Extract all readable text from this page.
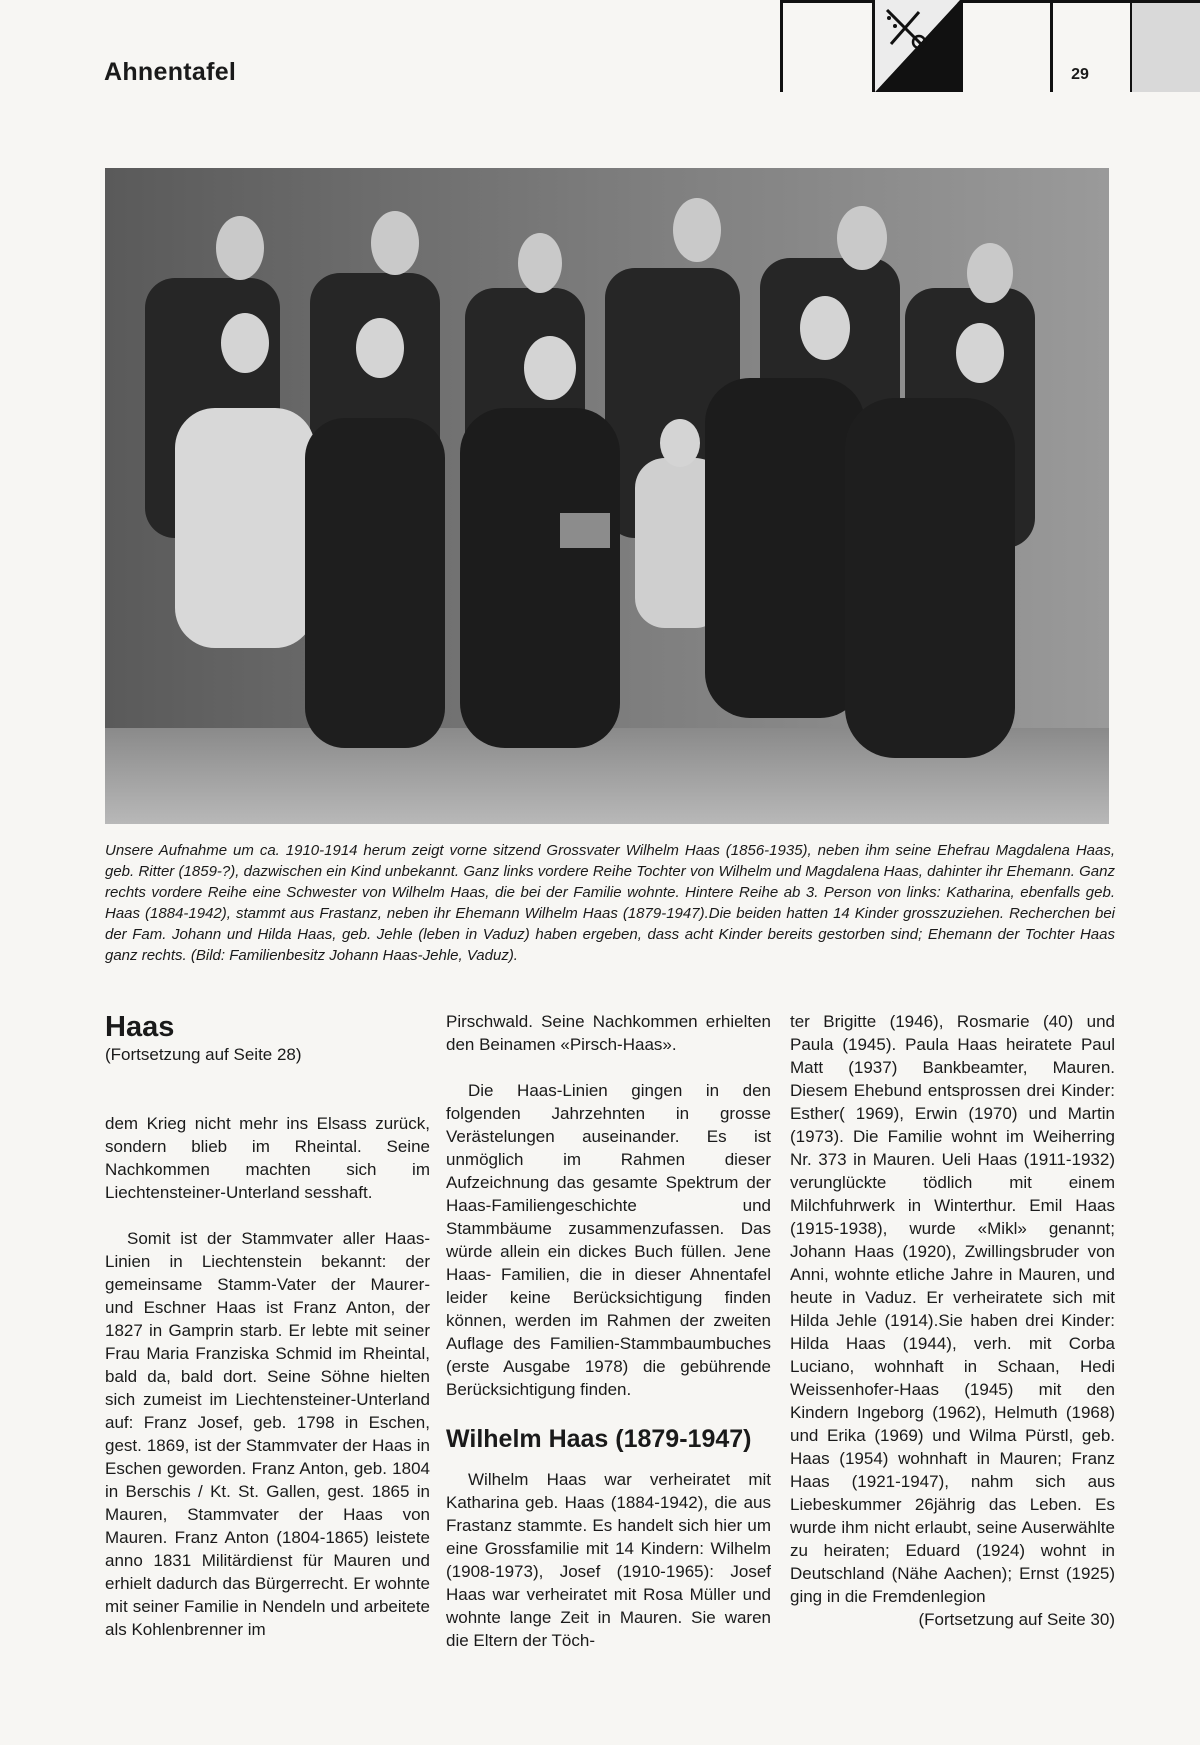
Ahnentafel	29
Unsere Aufnahme um ca. 1910-1914 herum zeigt vorne sitzend Grossvater Wilhelm Haas (1856-1935), neben ihm seine Ehefrau Magdalena Haas, geb. Ritter (1859-?), dazwischen ein Kind unbekannt. Ganz links vordere Reihe Tochter von Wilhelm und Magdalena Haas, dahinter ihr Ehemann. Ganz rechts vordere Reihe eine Schwester von Wilhelm Haas, die bei der Familie wohnte. Hintere Reihe ab 3. Person von links: Katharina, ebenfalls geb. Haas (1884-1942), stammt aus Frastanz, neben ihr Ehemann Wilhelm Haas (1879-1947).Die beiden hatten 14 Kinder grosszuziehen. Recherchen bei der Fam. Johann und Hilda Haas, geb. Jehle (leben in Vaduz) haben ergeben, dass acht Kinder bereits gestorben sind; Ehemann der Tochter Haas ganz rechts. (Bild: Familienbesitz Johann Haas-Jehle, Vaduz).
Haas
(Fortsetzung auf Seite 28)

dem Krieg nicht mehr ins Elsass zurück, sondern blieb im Rheintal. Seine Nachkommen machten sich im Liechtensteiner-Unterland sesshaft.

Somit ist der Stammvater aller Haas-Linien in Liechtenstein bekannt: der gemeinsame Stamm-Vater der Maurer- und Eschner Haas ist Franz Anton, der 1827 in Gamprin starb. Er lebte mit seiner Frau Maria Franziska Schmid im Rheintal, bald da, bald dort. Seine Söhne hielten sich zumeist im Liechtensteiner-Unterland auf: Franz Josef, geb. 1798 in Eschen, gest. 1869, ist der Stammvater der Haas in Eschen geworden. Franz Anton, geb. 1804 in Berschis / Kt. St. Gallen, gest. 1865 in Mauren, Stammvater der Haas von Mauren. Franz Anton (1804-1865) leistete anno 1831 Militärdienst für Mauren und erhielt dadurch das Bürgerrecht. Er wohnte mit seiner Familie in Nendeln und arbeitete als Kohlenbrenner im

Pirschwald. Seine Nachkommen erhielten den Beinamen «Pirsch-Haas».

Die Haas-Linien gingen in den folgenden Jahrzehnten in grosse Verästelungen auseinander. Es ist unmöglich im Rahmen dieser Aufzeichnung das gesamte Spektrum der Haas-Familiengeschichte und Stammbäume zusammenzufassen. Das würde allein ein dickes Buch füllen. Jene Haas- Familien, die in dieser Ahnentafel leider keine Berücksichtigung finden können, werden im Rahmen der zweiten Auflage des Familien-Stammbaumbuches (erste Ausgabe 1978) die gebührende Berücksichtigung finden.

Wilhelm Haas (1879-1947)

Wilhelm Haas war verheiratet mit Katharina geb. Haas (1884-1942), die aus Frastanz stammte. Es handelt sich hier um eine Grossfamilie mit 14 Kindern: Wilhelm (1908-1973), Josef (1910-1965): Josef Haas war verheiratet mit Rosa Müller und wohnte lange Zeit in Mauren. Sie waren die Eltern der Töch-

ter Brigitte (1946), Rosmarie (40) und Paula (1945). Paula Haas heiratete Paul Matt (1937) Bankbeamter, Mauren. Diesem Ehebund entsprossen drei Kinder: Esther( 1969), Erwin (1970) und Martin (1973). Die Familie wohnt im Weiherring Nr. 373 in Mauren. Ueli Haas (1911-1932) verunglückte tödlich mit einem Milchfuhrwerk in Winterthur. Emil Haas (1915-1938), wurde «Mikl» genannt; Johann Haas (1920), Zwillingsbruder von Anni, wohnte etliche Jahre in Mauren, und heute in Vaduz. Er verheiratete sich mit Hilda Jehle (1914).Sie haben drei Kinder: Hilda Haas (1944), verh. mit Corba Luciano, wohnhaft in Schaan, Hedi Weissenhofer-Haas (1945) mit den Kindern Ingeborg (1962), Helmuth (1968) und Erika (1969) und Wilma Pürstl, geb. Haas (1954) wohnhaft in Mauren; Franz Haas (1921-1947), nahm sich aus Liebeskummer 26jährig das Leben. Es wurde ihm nicht erlaubt, seine Auserwählte zu heiraten; Eduard (1924) wohnt in Deutschland (Nähe Aachen); Ernst (1925) ging in die Fremdenlegion

(Fortsetzung auf Seite 30)
